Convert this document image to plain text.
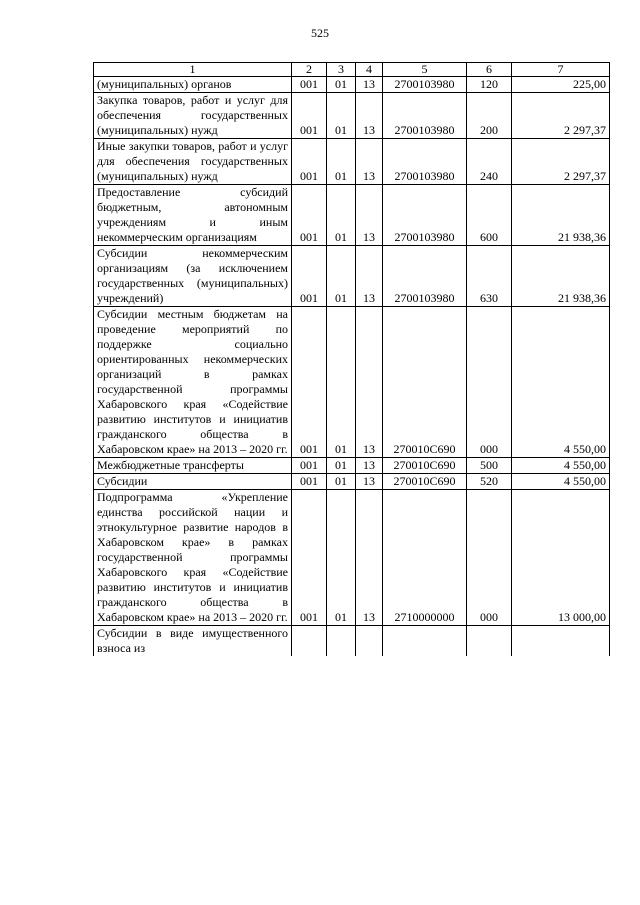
525
1	2	3	4	5	6	7
(муниципальных) органов	001	01	13	2700103980	120	225,00
Закупка товаров, работ и услуг для обеспечения государственных (муниципальных) нужд	001	01	13	2700103980	200	2 297,37
Иные закупки товаров, работ и услуг для обеспечения государственных (муниципальных) нужд	001	01	13	2700103980	240	2 297,37
Предоставление субсидий бюджетным, автономным учреждениям и иным некоммерческим организациям	001	01	13	2700103980	600	21 938,36
Субсидии некоммерческим организациям (за исключением государственных (муниципальных) учреждений)	001	01	13	2700103980	630	21 938,36
Субсидии местным бюджетам на проведение мероприятий по поддержке социально ориентированных некоммерческих организаций в рамках государственной программы Хабаровского края «Содействие развитию институтов и инициатив гражданского общества в Хабаровском крае» на 2013 – 2020 гг.	001	01	13	270010С690	000	4 550,00
Межбюджетные трансферты	001	01	13	270010С690	500	4 550,00
Субсидии	001	01	13	270010С690	520	4 550,00
Подпрограмма «Укрепление единства российской нации и этнокультурное развитие народов в Хабаровском крае» в рамках государственной программы Хабаровского края «Содействие развитию институтов и инициатив гражданского общества в Хабаровском крае» на 2013 – 2020 гг.	001	01	13	2710000000	000	13 000,00
Субсидии в виде имущественного взноса из						
